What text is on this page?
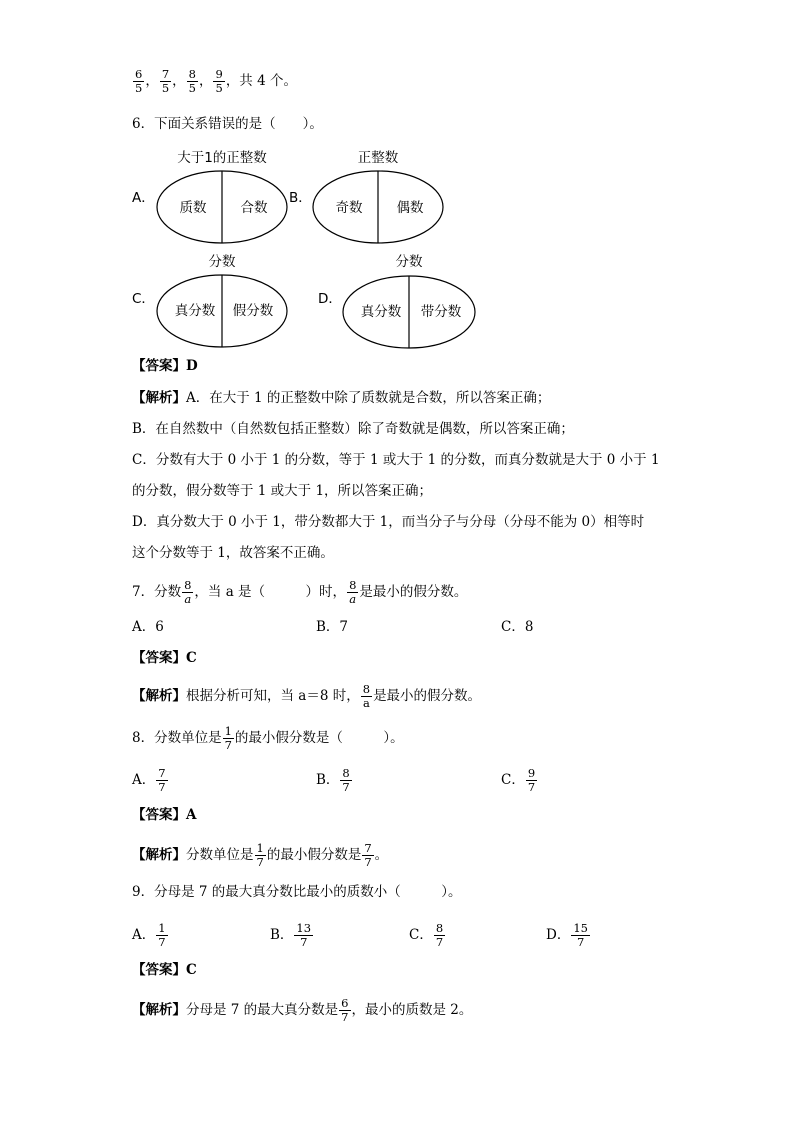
$\frac{6}{5}$ ， $\frac{7}{5}$ ， $\frac{8}{5}$ ， $\frac{9}{5}$ ，共 4 个。
6．下面关系错误的是（　　）。
A．
大于1的正整数
质数	合数
B．
正整数
奇数	偶数
C．
分数
真分数 假分数
D．
分数
真分数 带分数
【答案】D
【解析】A．在大于 1 的正整数中除了质数就是合数，所以答案正确；
B．在自然数中（自然数包括正整数）除了奇数就是偶数，所以答案正确；
C．分数有大于 0 小于 1 的分数，等于 1 或大于 1 的分数，而真分数就是大于 0 小于 1
的分数，假分数等于 1 或大于 1，所以答案正确；
D．真分数大于 0 小于 1，带分数都大于 1，而当分子与分母（分母不能为 0）相等时
这个分数等于 1，故答案不正确。
7．分数 $\frac{8}{a}$ ，当 a 是（　　　）时， $\frac{8}{a}$ 是最小的假分数。
A．6	B．7	C．8
【答案】C
【解析】根据分析可知，当 a＝8 时， $\frac{8}{a}$ 是最小的假分数。
8．分数单位是 $\frac{1}{7}$ 的最小假分数是（　　　）。
A． $\frac{7}{7}$	B． $\frac{8}{7}$	C． $\frac{9}{7}$
【答案】A
【解析】分数单位是 $\frac{1}{7}$ 的最小假分数是 $\frac{7}{7}$ 。
9．分母是 7 的最大真分数比最小的质数小（　　　）。
A． $\frac{1}{7}$	B． $\frac{13}{7}$	C． $\frac{8}{7}$	D． $\frac{15}{7}$
【答案】C
【解析】分母是 7 的最大真分数是 $\frac{6}{7}$ ，最小的质数是 2。
